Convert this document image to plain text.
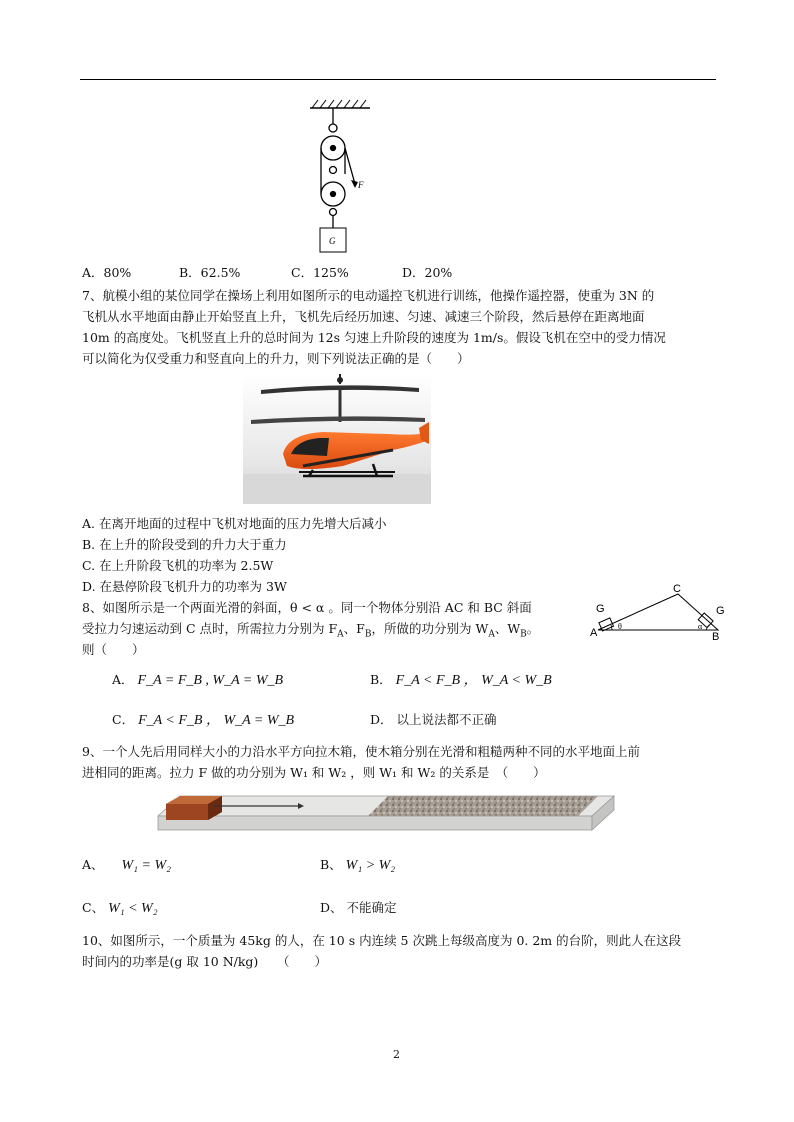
F
G
A．80%	B．62.5%	C．125%	D．20%
7、航模小组的某位同学在操场上利用如图所示的电动遥控飞机进行训练，他操作遥控器，使重为 3N 的
飞机从水平地面由静止开始竖直上升，飞机先后经历加速、匀速、减速三个阶段，然后悬停在距离地面
10m 的高度处。飞机竖直上升的总时间为 12s 匀速上升阶段的速度为 1m/s。假设飞机在空中的受力情况
可以简化为仅受重力和竖直向上的升力，则下列说法正确的是（　　）
A. 在离开地面的过程中飞机对地面的压力先增大后减小
B. 在上升的阶段受到的升力大于重力
C. 在上升阶段飞机的功率为 2.5W
D. 在悬停阶段飞机升力的功率为 3W
8、如图所示是一个两面光滑的斜面，θ < α 。同一个物体分别沿 AC 和 BC 斜面
受拉力匀速运动到 C 点时，所需拉力分别为 $F_A$、$F_B$，所做的功分别为 $W_A$、$W_B$。
则（　　）
A	B
C
G	G
θ	α
A． F_A = F_B , W_A = W_B	B． F_A < F_B ， W_A < W_B
C． F_A < F_B ， W_A = W_B	D． 以上说法都不正确
9、一个人先后用同样大小的力沿水平方向拉木箱，使木箱分别在光滑和粗糙两种不同的水平地面上前
进相同的距离。拉力 F 做的功分别为 W₁ 和 W₂ ，则 W₁ 和 W₂ 的关系是　（　　）
A、 W₁ = W₂	B、 W₁ > W₂
C、 W₁ < W₂	D、 不能确定
10、如图所示，一个质量为 45kg 的人，在 10 s 内连续 5 次跳上每级高度为 0. 2m 的台阶，则此人在这段
时间内的功率是(g 取 10 N/kg)　　（　　）
2
